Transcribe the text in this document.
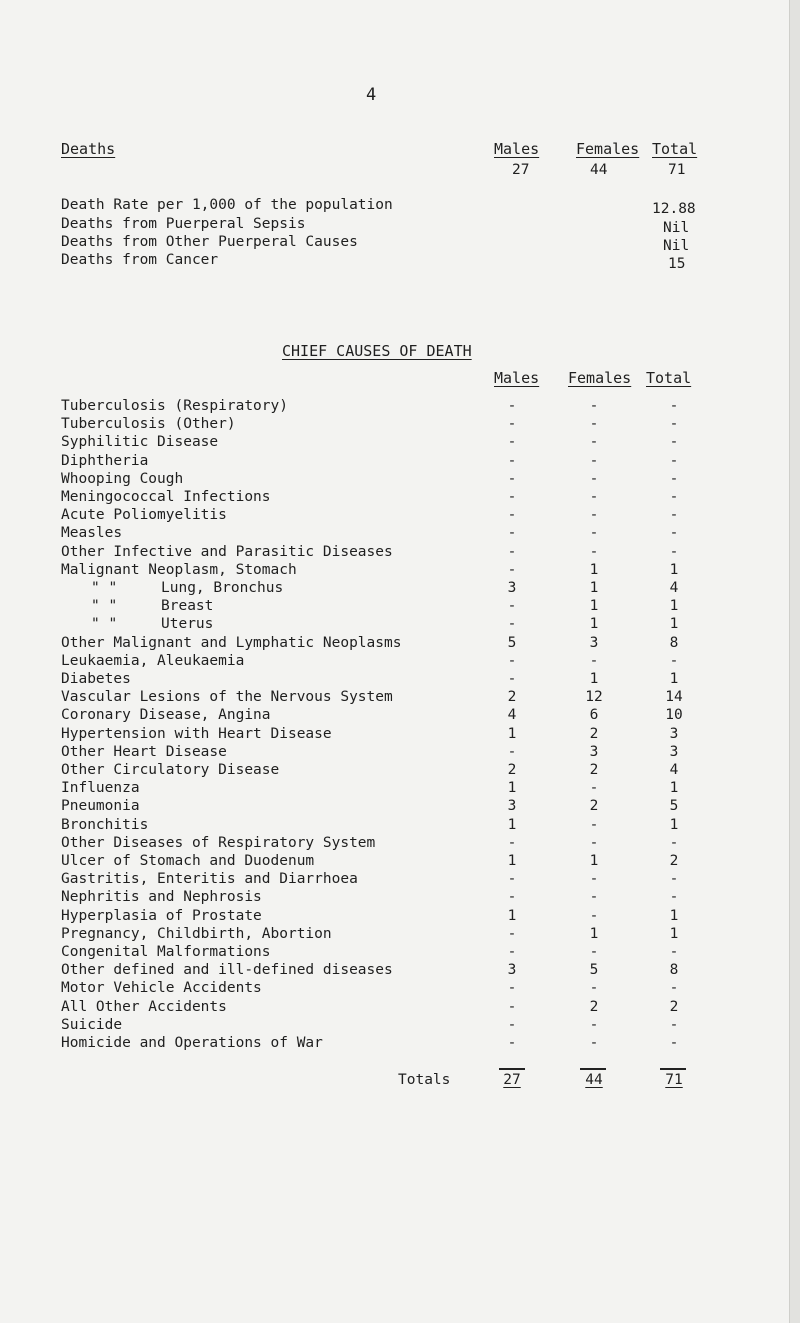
4
Deaths	Males Females Total
27	44	71
Death Rate per 1,000 of the population	12.88
Deaths from Puerperal Sepsis	Nil
Deaths from Other Puerperal Causes	Nil
Deaths from Cancer	15
CHIEF CAUSES OF DEATH
Males Females Total
Tuberculosis (Respiratory)	-	-	-
Tuberculosis (Other)	-	-	-
Syphilitic Disease	-	-	-
Diphtheria	-	-	-
Whooping Cough	-	-	-
Meningococcal Infections	-	-	-
Acute Poliomyelitis	-	-	-
Measles	-	-	-
Other Infective and Parasitic Diseases	-	-	-
Malignant Neoplasm, Stomach	-	1	1
" "	Lung, Bronchus	3	1	4
" "	Breast	-	1	1
" "	Uterus	-	1	1
Other Malignant and Lymphatic Neoplasms	5	3	8
Leukaemia, Aleukaemia	-	-	-
Diabetes	-	1	1
Vascular Lesions of the Nervous System	2	12	14
Coronary Disease, Angina	4	6	10
Hypertension with Heart Disease	1	2	3
Other Heart Disease	-	3	3
Other Circulatory Disease	2	2	4
Influenza	1	-	1
Pneumonia	3	2	5
Bronchitis	1	-	1
Other Diseases of Respiratory System	-	-	-
Ulcer of Stomach and Duodenum	1	1	2
Gastritis, Enteritis and Diarrhoea	-	-	-
Nephritis and Nephrosis	-	-	-
Hyperplasia of Prostate	1	-	1
Pregnancy, Childbirth, Abortion	-	1	1
Congenital Malformations	-	-	-
Other defined and ill-defined diseases	3	5	8
Motor Vehicle Accidents	-	-	-
All Other Accidents	-	2	2
Suicide	-	-	-
Homicide and Operations of War	-	-	-
Totals	27	44	71
